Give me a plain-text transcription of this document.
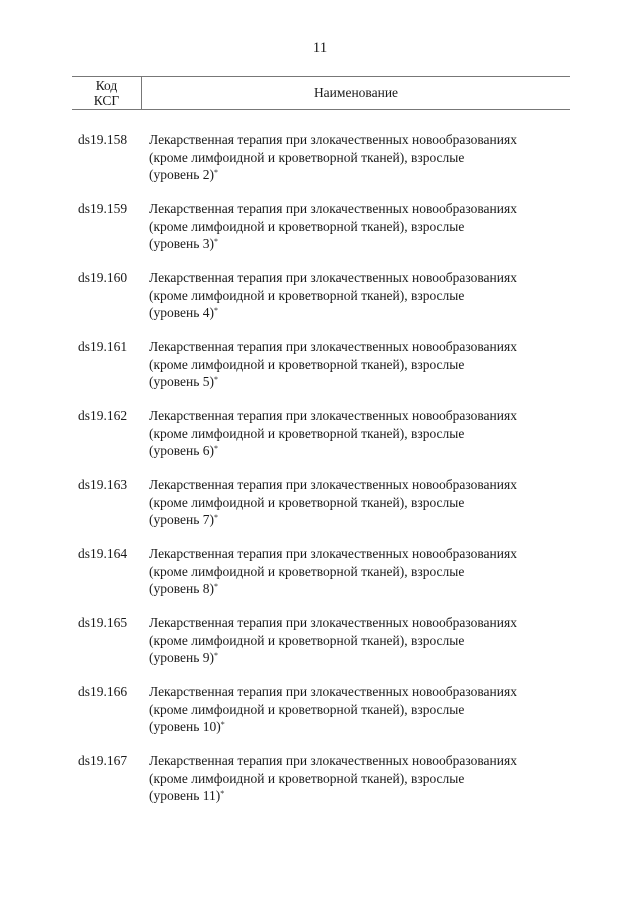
11
Код
КСГ
Наименование
ds19.158 Лекарственная терапия при злокачественных новообразованиях
(кроме лимфоидной и кроветворной тканей), взрослые
(уровень 2)*
ds19.159 Лекарственная терапия при злокачественных новообразованиях
(кроме лимфоидной и кроветворной тканей), взрослые
(уровень 3)*
ds19.160 Лекарственная терапия при злокачественных новообразованиях
(кроме лимфоидной и кроветворной тканей), взрослые
(уровень 4)*
ds19.161 Лекарственная терапия при злокачественных новообразованиях
(кроме лимфоидной и кроветворной тканей), взрослые
(уровень 5)*
ds19.162 Лекарственная терапия при злокачественных новообразованиях
(кроме лимфоидной и кроветворной тканей), взрослые
(уровень 6)*
ds19.163 Лекарственная терапия при злокачественных новообразованиях
(кроме лимфоидной и кроветворной тканей), взрослые
(уровень 7)*
ds19.164 Лекарственная терапия при злокачественных новообразованиях
(кроме лимфоидной и кроветворной тканей), взрослые
(уровень 8)*
ds19.165 Лекарственная терапия при злокачественных новообразованиях
(кроме лимфоидной и кроветворной тканей), взрослые
(уровень 9)*
ds19.166 Лекарственная терапия при злокачественных новообразованиях
(кроме лимфоидной и кроветворной тканей), взрослые
(уровень 10)*
ds19.167 Лекарственная терапия при злокачественных новообразованиях
(кроме лимфоидной и кроветворной тканей), взрослые
(уровень 11)*
